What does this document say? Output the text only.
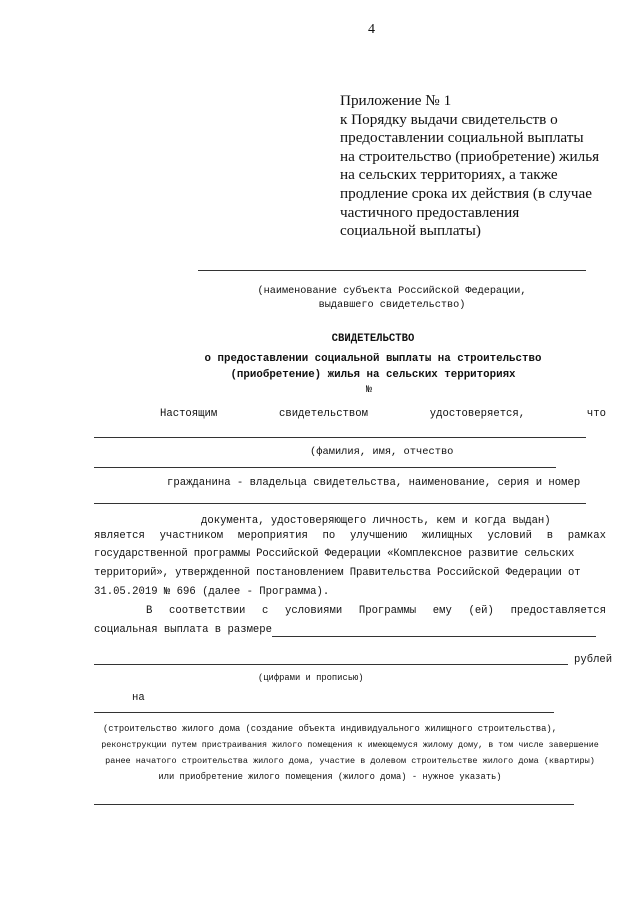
4
Приложение № 1
к Порядку выдачи свидетельств о
предоставлении социальной выплаты
на строительство (приобретение) жилья
на сельских территориях, а также
продление срока их действия (в случае
частичного предоставления
социальной выплаты)
(наименование субъекта Российской Федерации,
выдавшего свидетельство)
СВИДЕТЕЛЬСТВО
о предоставлении социальной выплаты на строительство
(приобретение) жилья на сельских территориях
№
Настоящим	свидетельством	удостоверяется,	что
(фамилия, имя, отчество
гражданина - владельца свидетельства, наименование, серия и номер
документа, удостоверяющего личность, кем и когда выдан)
является участником мероприятия по улучшению жилищных условий в рамках
государственной программы Российской Федерации «Комплексное развитие сельских
территорий», утвержденной постановлением Правительства Российской Федерации от
31.05.2019 № 696 (далее - Программа).
В соответствии с условиями Программы ему (ей) предоставляется
социальная выплата в размере
рублей
(цифрами и прописью)
на
(строительство жилого дома (создание объекта индивидуального жилищного строительства),
реконструкции путем пристраивания жилого помещения к имеющемуся жилому дому, в том числе завершение
ранее начатого строительства жилого дома, участие в долевом строительстве жилого дома (квартиры)
или приобретение жилого помещения (жилого дома) - нужное указать)
